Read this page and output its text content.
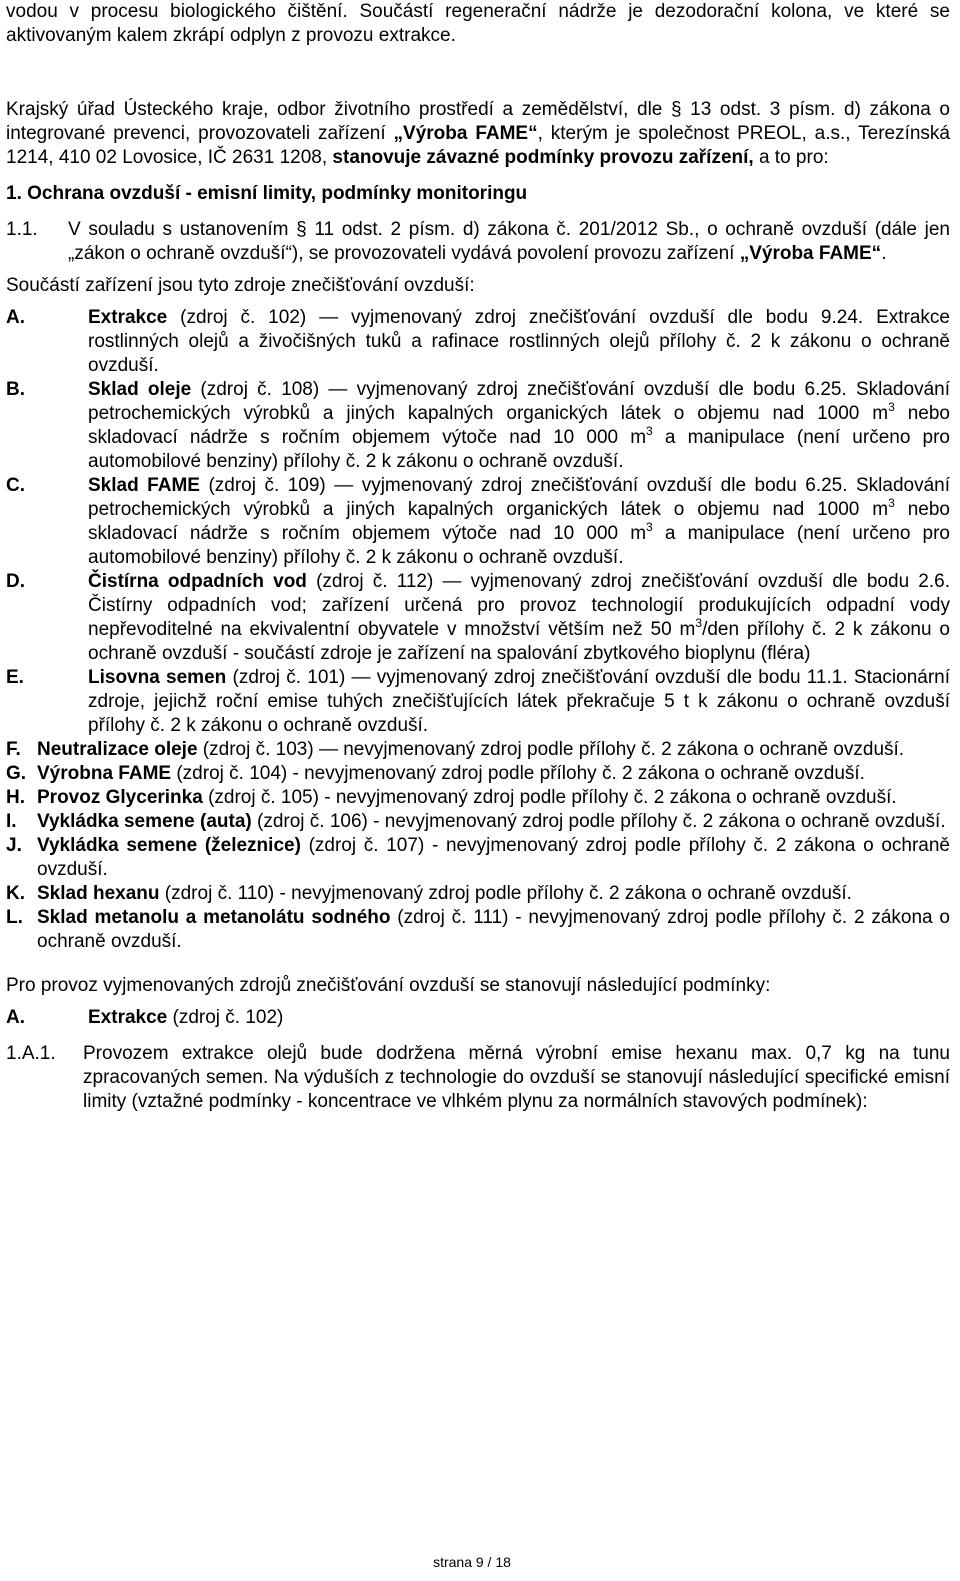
vodou v procesu biologického čištění. Součástí regenerační nádrže je dezodorační kolona, ve které se aktivovaným kalem zkrápí odplyn z provozu extrakce.

Krajský úřad Ústeckého kraje, odbor životního prostředí a zemědělství, dle § 13 odst. 3 písm. d) zákona o integrované prevenci, provozovateli zařízení „Výroba FAME“, kterým je společnost PREOL, a.s., Terezínská 1214, 410 02 Lovosice, IČ 2631 1208, stanovuje závazné podmínky provozu zařízení, a to pro:

1. Ochrana ovzduší - emisní limity, podmínky monitoringu

1.1.	V souladu s ustanovením § 11 odst. 2 písm. d) zákona č. 201/2012 Sb., o ochraně ovzduší (dále jen „zákon o ochraně ovzduší“), se provozovateli vydává povolení provozu zařízení „Výroba FAME“.

Součástí zařízení jsou tyto zdroje znečišťování ovzduší:

A.	Extrakce (zdroj č. 102) — vyjmenovaný zdroj znečišťování ovzduší dle bodu 9.24. Extrakce rostlinných olejů a živočišných tuků a rafinace rostlinných olejů přílohy č. 2 k zákonu o ochraně ovzduší.
B.	Sklad oleje (zdroj č. 108) — vyjmenovaný zdroj znečišťování ovzduší dle bodu 6.25. Skladování petrochemických výrobků a jiných kapalných organických látek o objemu nad 1000 $m^3$ nebo skladovací nádrže s ročním objemem výtoče nad 10 000 $m^3$ a manipulace (není určeno pro automobilové benziny) přílohy č. 2 k zákonu o ochraně ovzduší.
C.	Sklad FAME (zdroj č. 109) — vyjmenovaný zdroj znečišťování ovzduší dle bodu 6.25. Skladování petrochemických výrobků a jiných kapalných organických látek o objemu nad 1000 $m^3$ nebo skladovací nádrže s ročním objemem výtoče nad 10 000 $m^3$ a manipulace (není určeno pro automobilové benziny) přílohy č. 2 k zákonu o ochraně ovzduší.
D.	Čistírna odpadních vod (zdroj č. 112) — vyjmenovaný zdroj znečišťování ovzduší dle bodu 2.6. Čistírny odpadních vod; zařízení určená pro provoz technologií produkujících odpadní vody nepřevoditelné na ekvivalentní obyvatele v množství větším než 50 $m^3$/den přílohy č. 2 k zákonu o ochraně ovzduší - součástí zdroje je zařízení na spalování zbytkového bioplynu (fléra)
E.	Lisovna semen (zdroj č. 101) — vyjmenovaný zdroj znečišťování ovzduší dle bodu 11.1. Stacionární zdroje, jejichž roční emise tuhých znečišťujících látek překračuje 5 t k zákonu o ochraně ovzduší přílohy č. 2 k zákonu o ochraně ovzduší.
F. Neutralizace oleje (zdroj č. 103) — nevyjmenovaný zdroj podle přílohy č. 2 zákona o ochraně ovzduší.
G. Výrobna FAME (zdroj č. 104) - nevyjmenovaný zdroj podle přílohy č. 2 zákona o ochraně ovzduší.
H. Provoz Glycerinka (zdroj č. 105) - nevyjmenovaný zdroj podle přílohy č. 2 zákona o ochraně ovzduší.
I.	Vykládka semene (auta) (zdroj č. 106) - nevyjmenovaný zdroj podle přílohy č. 2 zákona o ochraně ovzduší.
J. Vykládka semene (železnice) (zdroj č. 107) - nevyjmenovaný zdroj podle přílohy č. 2 zákona o ochraně ovzduší.
K. Sklad hexanu (zdroj č. 110) - nevyjmenovaný zdroj podle přílohy č. 2 zákona o ochraně ovzduší.
L. Sklad metanolu a metanolátu sodného (zdroj č. 111) - nevyjmenovaný zdroj podle přílohy č. 2 zákona o ochraně ovzduší.

Pro provoz vyjmenovaných zdrojů znečišťování ovzduší se stanovují následující podmínky:

A.	Extrakce (zdroj č. 102)
1.A.1.	Provozem extrakce olejů bude dodržena měrná výrobní emise hexanu max. 0,7 kg na tunu zpracovaných semen. Na výduších z technologie do ovzduší se stanovují následující specifické emisní limity (vztažné podmínky - koncentrace ve vlhkém plynu za normálních stavových podmínek):
strana 9 / 18
